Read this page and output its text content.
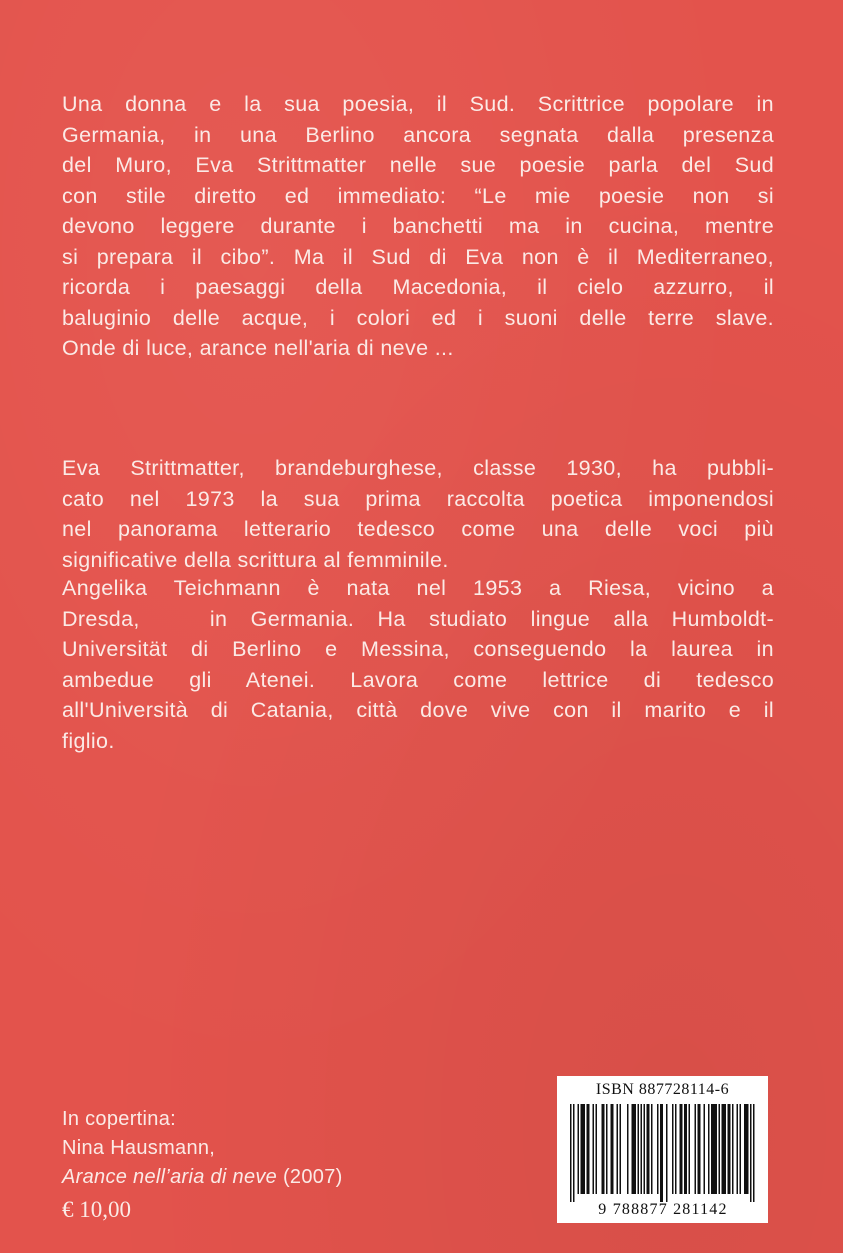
Una donna e la sua poesia, il Sud. Scrittrice popolare in
Germania, in una Berlino ancora segnata dalla presenza
del Muro, Eva Strittmatter nelle sue poesie parla del Sud
con stile diretto ed immediato: “Le mie poesie non si
devono leggere durante i banchetti ma in cucina, mentre
si prepara il cibo”. Ma il Sud di Eva non è il Mediterraneo,
ricorda i paesaggi della Macedonia, il cielo azzurro, il
baluginio delle acque, i colori ed i suoni delle terre slave.
Onde di luce, arance nell'aria di neve ...
Eva Strittmatter, brandeburghese, classe 1930, ha pubbli-
cato nel 1973 la sua prima raccolta poetica imponendosi
nel panorama letterario tedesco come una delle voci più
significative della scrittura al femminile.
Angelika Teichmann è nata nel 1953 a Riesa, vicino a
Dresda,   in Germania. Ha studiato lingue alla Humboldt-
Universität di Berlino e Messina, conseguendo la laurea in
ambedue gli Atenei. Lavora come lettrice di tedesco
all'Università di Catania, città dove vive con il marito e il
figlio.
In copertina:
Nina Hausmann,
Arance nell’aria di neve (2007)
€ 10,00
ISBN 887728114-6
9 788877 281142
